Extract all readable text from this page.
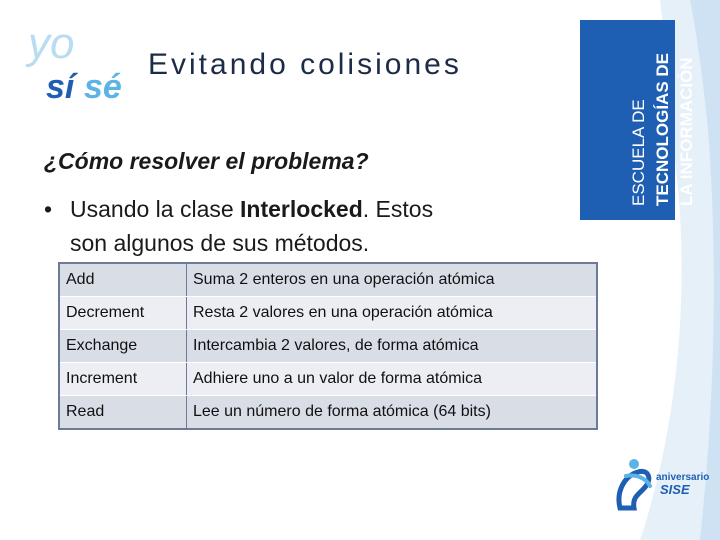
ESCUELA DE TECNOLOGÍAS DE LA INFORMACIÓN
yo
sí sé
Evitando colisiones
¿Cómo resolver el problema?
• Usando la clase Interlocked. Estos
son algunos de sus métodos.
Add	Suma 2 enteros en una operación atómica
Decrement	Resta 2 valores en una operación atómica
Exchange	Intercambia 2 valores, de forma atómica
Increment	Adhiere uno a un valor de forma atómica
Read	Lee un número de forma atómica (64 bits)
aniversario
SISE
